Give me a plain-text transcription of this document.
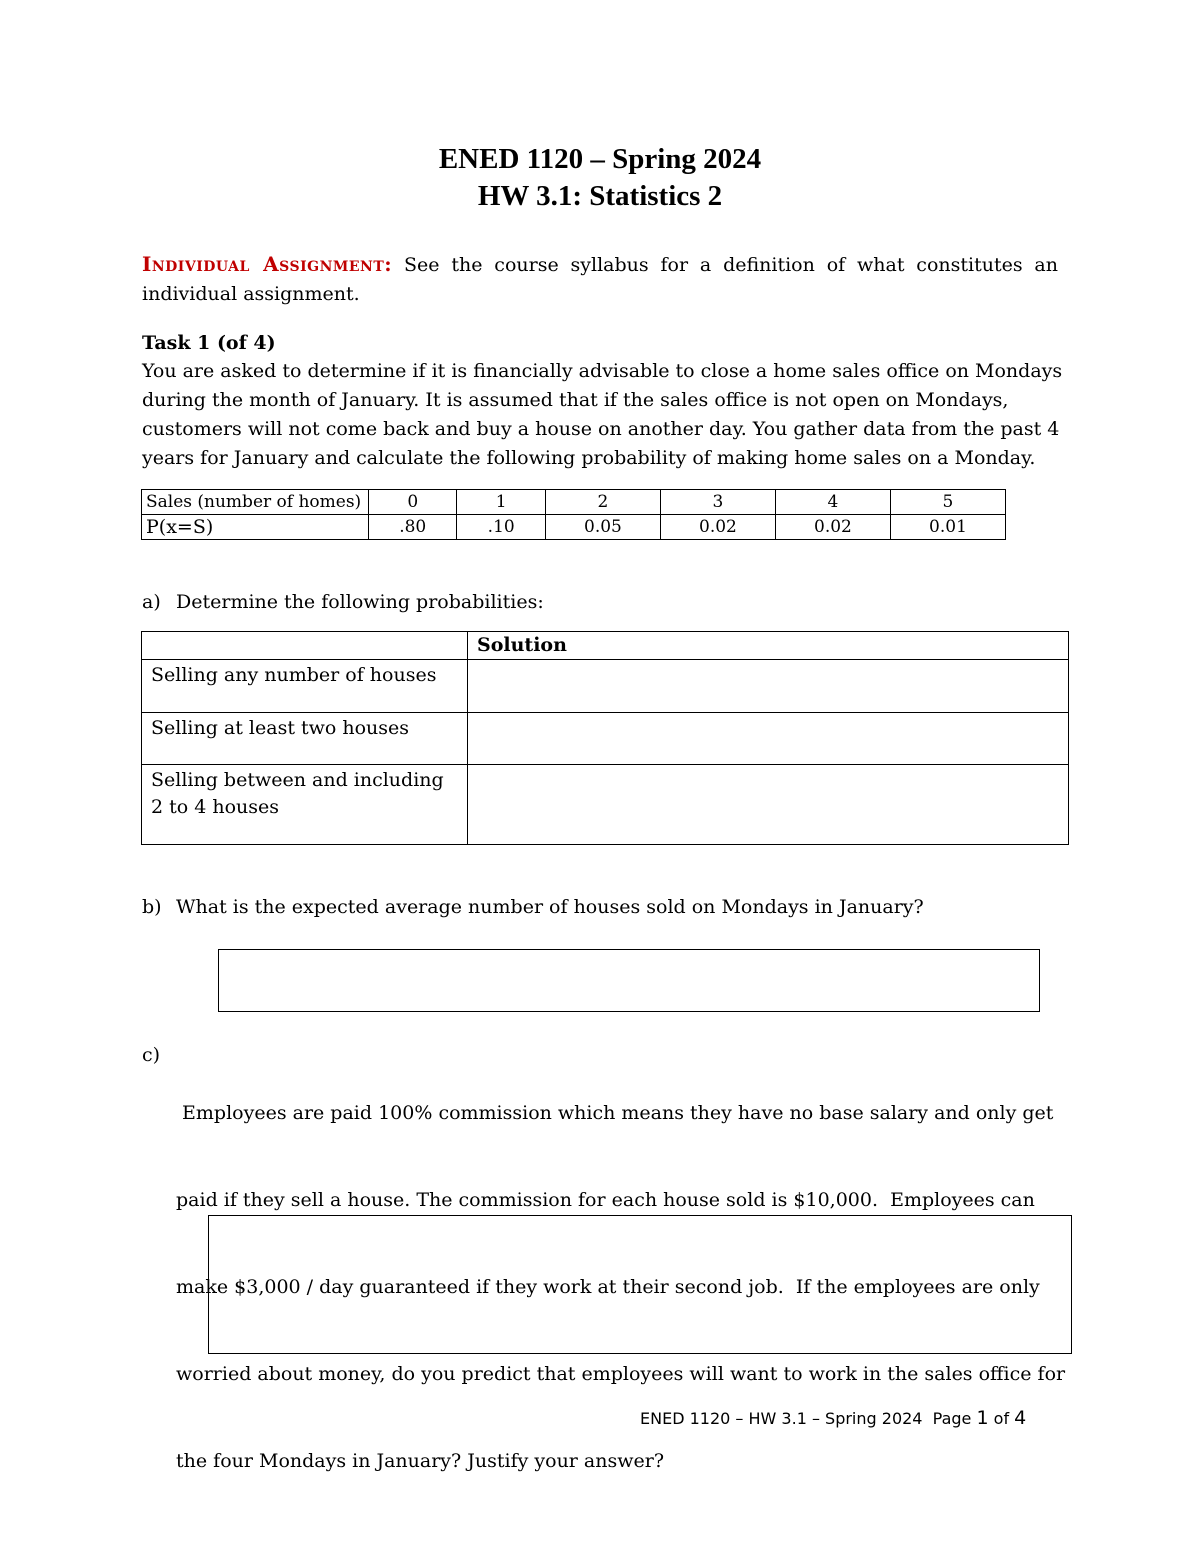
ENED 1120 – Spring 2024
HW 3.1: Statistics 2
Individual Assignment: See the course syllabus for a definition of what constitutes an individual assignment.
Task 1 (of 4)
You are asked to determine if it is financially advisable to close a home sales office on Mondays
during the month of January. It is assumed that if the sales office is not open on Mondays,
customers will not come back and buy a house on another day. You gather data from the past 4
years for January and calculate the following probability of making home sales on a Monday.
Sales (number of homes)	0	1	2	3	4	5
P(x=S)	.80	.10	0.05	0.02	0.02	0.01
a) Determine the following probabilities:
	Solution
Selling any number of houses	
Selling at least two houses	
Selling between and including 2 to 4 houses	
b) What is the expected average number of houses sold on Mondays in January?
c)

Employees are paid 100% commission which means they have no base salary and only get

paid if they sell a house. The commission for each house sold is $10,000.  Employees can

make $3,000 / day guaranteed if they work at their second job.  If the employees are only

worried about money, do you predict that employees will want to work in the sales office for

the four Mondays in January? Justify your answer?

ENED 1120 – HW 3.1 – Spring 2024  Page 1 of 4
